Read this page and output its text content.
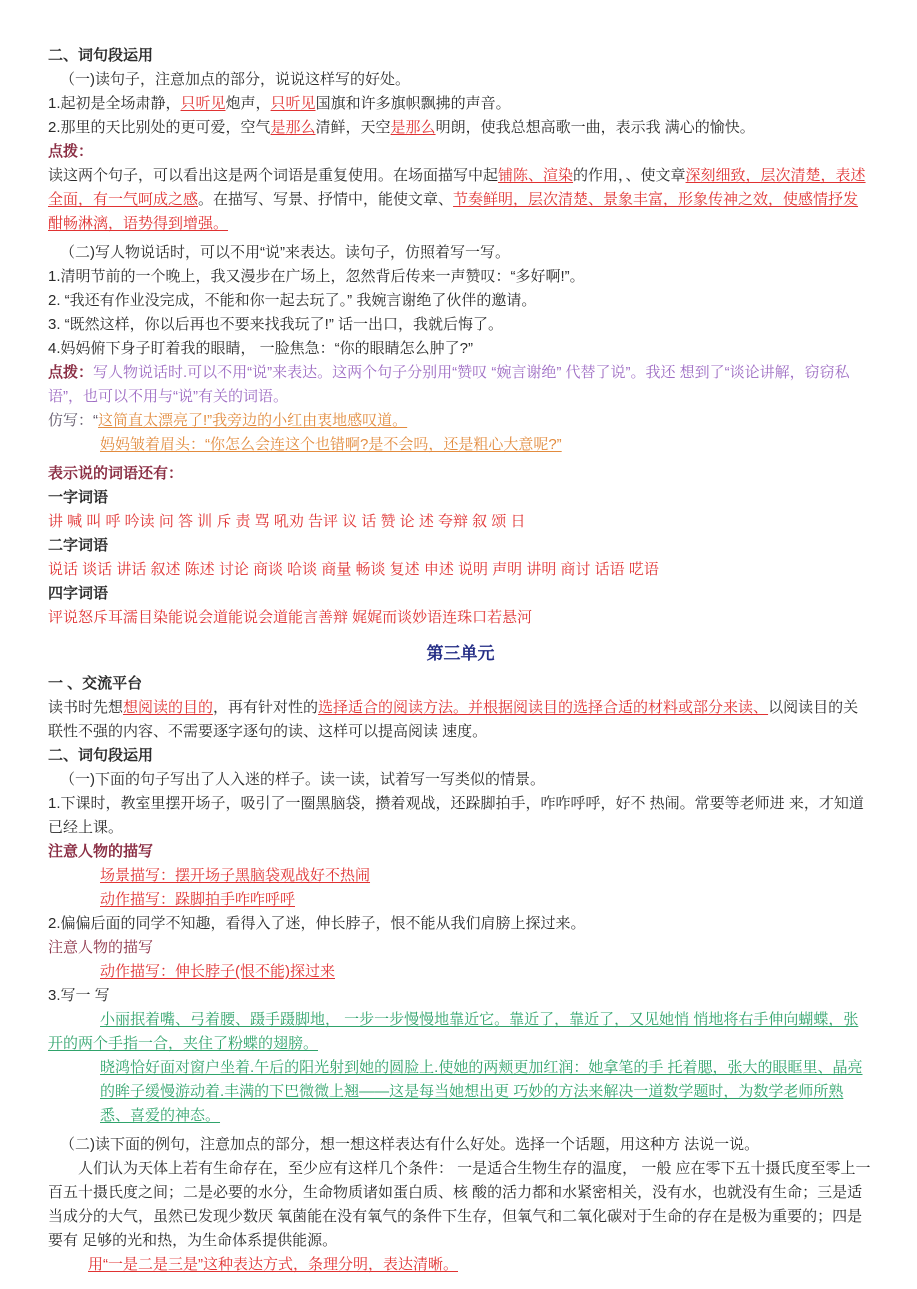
二、词句段运用

（一)读句子，注意加点的部分，说说这样写的好处。

1.起初是全场肃静，只听见炮声，只听见国旗和许多旗帜飘拂的声音。

2.那里的天比别处的更可爱，空气是那么清鲜，天空是那么明朗，使我总想高歌一曲，表示我 满心的愉快。

点拨：

读这两个句子，可以看出这是两个词语是重复使用。在场面描写中起铺陈、渲染的作用，、使文章深刻细致，层次清楚，表述全面，有一气呵成之感。在描写、写景、抒情中，能使文章、节奏鲜明，层次清楚、景象丰富，形象传神之效，使感情抒发酣畅淋漓，语势得到增强。

（二)写人物说话时，可以不用“说”来表达。读句子，仿照着写一写。

1.清明节前的一个晚上，我又漫步在广场上，忽然背后传来一声赞叹：“多好啊!”。

2. “我还有作业没完成，不能和你一起去玩了。” 我婉言谢绝了伙伴的邀请。

3. “既然这样，你以后再也不要来找我玩了!” 话一出口，我就后悔了。

4.妈妈俯下身子盯着我的眼睛， 一脸焦急：“你的眼睛怎么肿了?”

点拨：写人物说话时.可以不用“说”来表达。这两个句子分别用“赞叹 “婉言谢绝” 代替了说”。我还 想到了“谈论讲解，窃窃私语”，也可以不用与“说”有关的词语。

仿写：“这简直太漂亮了!”我旁边的小红由衷地感叹道。

妈妈皱着眉头：“你怎么会连这个也错啊?是不会吗，还是粗心大意呢?”

表示说的词语还有：

一字词语

讲 喊 叫 呼 吟读 问 答 训 斥 责 骂 吼劝 告评 议 话 赞 论 述 夸辩 叙 颂 日

二字词语

说话 谈话 讲话 叙述 陈述 讨论 商谈 哈谈 商量 畅谈 复述 申述 说明 声明 讲明 商讨 话语 呓语

四字词语

评说怒斥耳濡目染能说会道能说会道能言善辩 娓娓而谈妙语连珠口若悬河

第三单元

一 、交流平台

读书时先想想阅读的目的，再有针对性的选择适合的阅读方法。并根据阅读目的选择合适的材料或部分来读、以阅读目的关联性不强的内容、不需要逐字逐句的读、这样可以提高阅读 速度。

二、词句段运用

（一)下面的句子写出了人入迷的样子。读一读，试着写一写类似的情景。

1.下课时，教室里摆开场子，吸引了一圈黑脑袋，攒着观战，还跺脚拍手，咋咋呼呼，好不 热闹。常要等老师进 来，才知道已经上课。

注意人物的描写

场景描写：摆开场子黑脑袋观战好不热闹

动作描写：跺脚拍手咋咋呼呼

2.偏偏后面的同学不知趣，看得入了迷，伸长脖子，恨不能从我们肩膀上探过来。

注意人物的描写

动作描写：伸长脖子(恨不能)探过来

3.写一 写

小丽抿着嘴、弓着腰、蹑手蹑脚地， 一步一步慢慢地靠近它。靠近了，靠近了，又见她悄 悄地将右手伸向蝴蝶，张开的两个手指一合，夹住了粉蝶的翅膀。

晓鸿恰好面对窗户坐着.午后的阳光射到她的圆脸上.使她的两颊更加红润：她拿笔的手 托着腮，张大的眼眶里、晶亮的眸子缓慢游动着.丰满的下巴微微上翘——这是每当她想出更 巧妙的方法来解决一道数学题时，为数学老师所熟悉、喜爱的神态。

（二)读下面的例句，注意加点的部分，想一想这样表达有什么好处。选择一个话题，用这种方 法说一说。

人们认为天体上若有生命存在，至少应有这样几个条件： 一是适合生物生存的温度， 一般 应在零下五十摄氏度至零上一百五十摄氏度之间；二是必要的水分，生命物质诸如蛋白质、核 酸的活力都和水紧密相关，没有水，也就没有生命；三是适当成分的大气，虽然已发现少数厌 氧菌能在没有氧气的条件下生存，但氧气和二氧化碳对于生命的存在是极为重要的；四是要有 足够的光和热，为生命体系提供能源。

用“一是二是三是”这种表达方式，条理分明，表达清晰。
